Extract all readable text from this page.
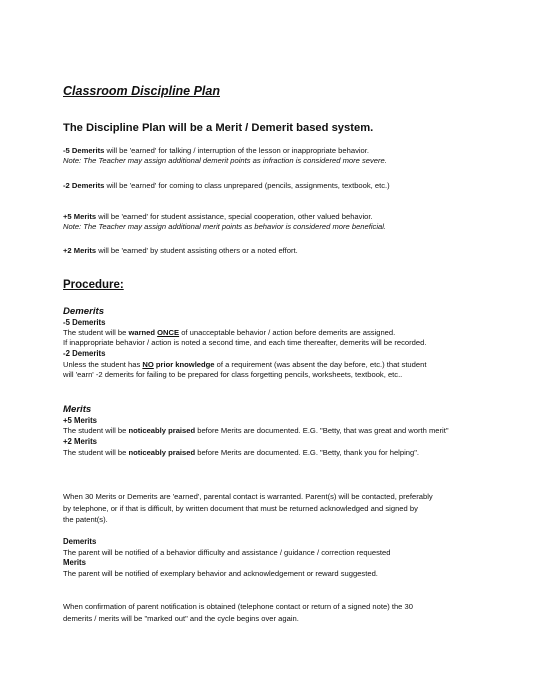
Classroom Discipline Plan
The Discipline Plan will be a Merit / Demerit based system.
-5 Demerits will be 'earned' for talking / interruption of the lesson or inappropriate behavior.
Note: The Teacher may assign additional demerit points as infraction is considered more severe.
-2 Demerits will be 'earned' for coming to class unprepared (pencils, assignments, textbook, etc.)
+5 Merits will be 'earned' for student assistance, special cooperation, other valued behavior.
Note: The Teacher may assign additional merit points as behavior is considered more beneficial.
+2 Merits will be 'earned' by student assisting others or a noted effort.
Procedure:
Demerits
-5 Demerits
The student will be warned ONCE of unacceptable behavior / action before demerits are assigned.
If inappropriate behavior / action is noted a second time, and each time thereafter, demerits will be recorded.
-2 Demerits
Unless the student has NO prior knowledge of a requirement (was absent the day before, etc.) that student
will 'earn' -2 demerits for failing to be prepared for class forgetting pencils, worksheets, textbook, etc..
Merits
+5 Merits
The student will be noticeably praised before Merits are documented. E.G. "Betty, that was great and worth merit"
+2 Merits
The student will be noticeably praised before Merits are documented. E.G. "Betty, thank you for helping".
When 30 Merits or Demerits are 'earned', parental contact is warranted. Parent(s) will be contacted, preferably
by telephone, or if that is difficult, by written document that must be returned acknowledged and signed by
the patent(s).
Demerits
The parent will be notified of a behavior difficulty and assistance / guidance / correction requested
Merits
The parent will be notified of exemplary behavior and acknowledgement or reward suggested.
When confirmation of parent notification is obtained (telephone contact or return of a signed note) the 30
demerits / merits will be "marked out" and the cycle begins over again.
